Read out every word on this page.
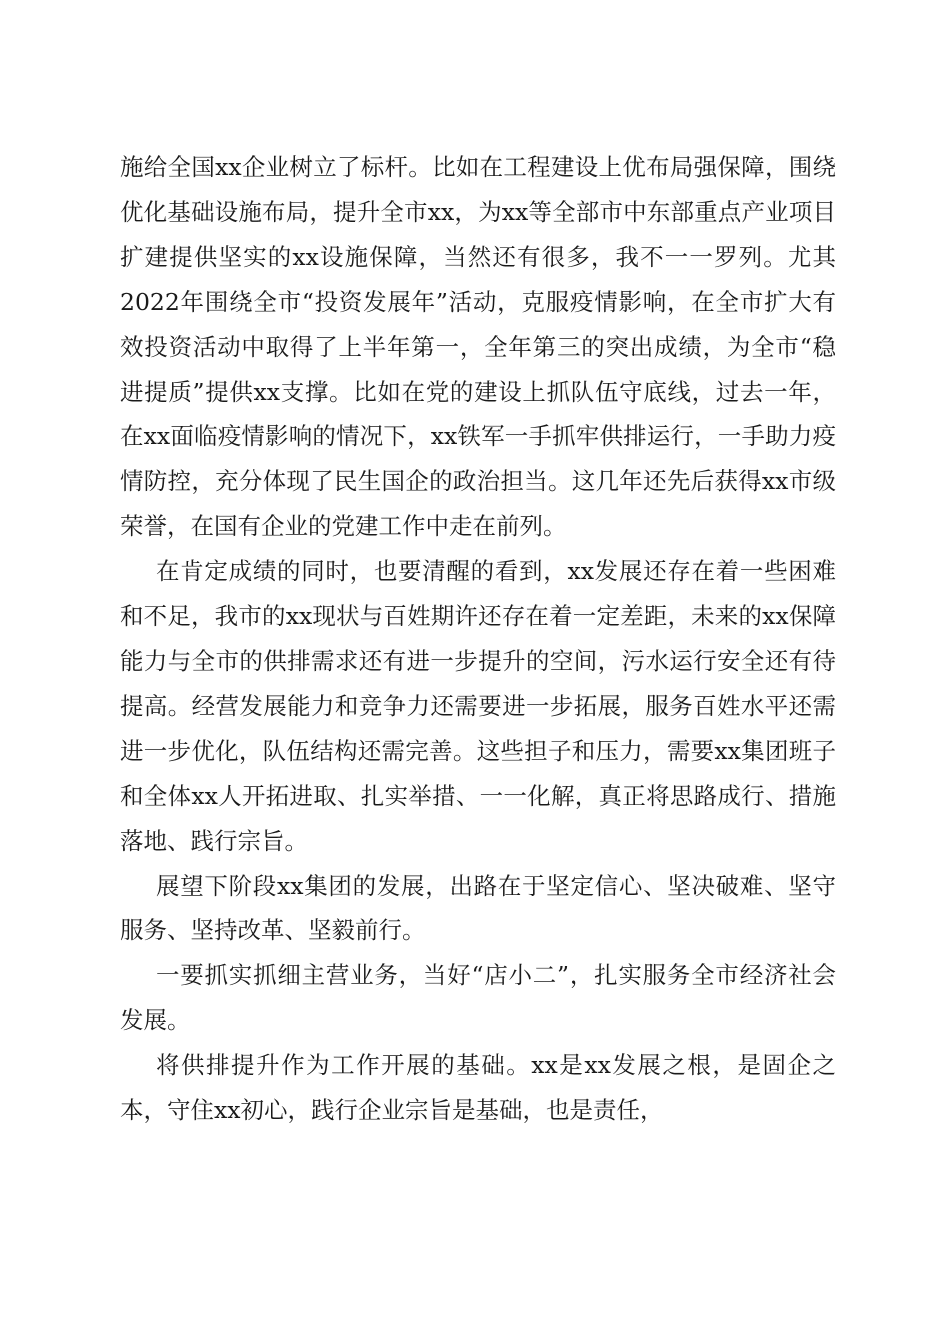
施给全国xx企业树立了标杆。比如在工程建设上优布局强保障，围绕优化基础设施布局，提升全市xx，为xx等全部市中东部重点产业项目扩建提供坚实的xx设施保障，当然还有很多，我不一一罗列。尤其2022年围绕全市“投资发展年”活动，克服疫情影响，在全市扩大有效投资活动中取得了上半年第一，全年第三的突出成绩，为全市“稳进提质”提供xx支撑。比如在党的建设上抓队伍守底线，过去一年，在xx面临疫情影响的情况下，xx铁军一手抓牢供排运行，一手助力疫情防控，充分体现了民生国企的政治担当。这几年还先后获得xx市级荣誉，在国有企业的党建工作中走在前列。

在肯定成绩的同时，也要清醒的看到，xx发展还存在着一些困难和不足，我市的xx现状与百姓期许还存在着一定差距，未来的xx保障能力与全市的供排需求还有进一步提升的空间，污水运行安全还有待提高。经营发展能力和竞争力还需要进一步拓展，服务百姓水平还需进一步优化，队伍结构还需完善。这些担子和压力，需要xx集团班子和全体xx人开拓进取、扎实举措、一一化解，真正将思路成行、措施落地、践行宗旨。

展望下阶段xx集团的发展，出路在于坚定信心、坚决破难、坚守服务、坚持改革、坚毅前行。

一要抓实抓细主营业务，当好“店小二”，扎实服务全市经济社会发展。

将供排提升作为工作开展的基础。xx是xx发展之根，是固企之本，守住xx初心，践行企业宗旨是基础，也是责任，
